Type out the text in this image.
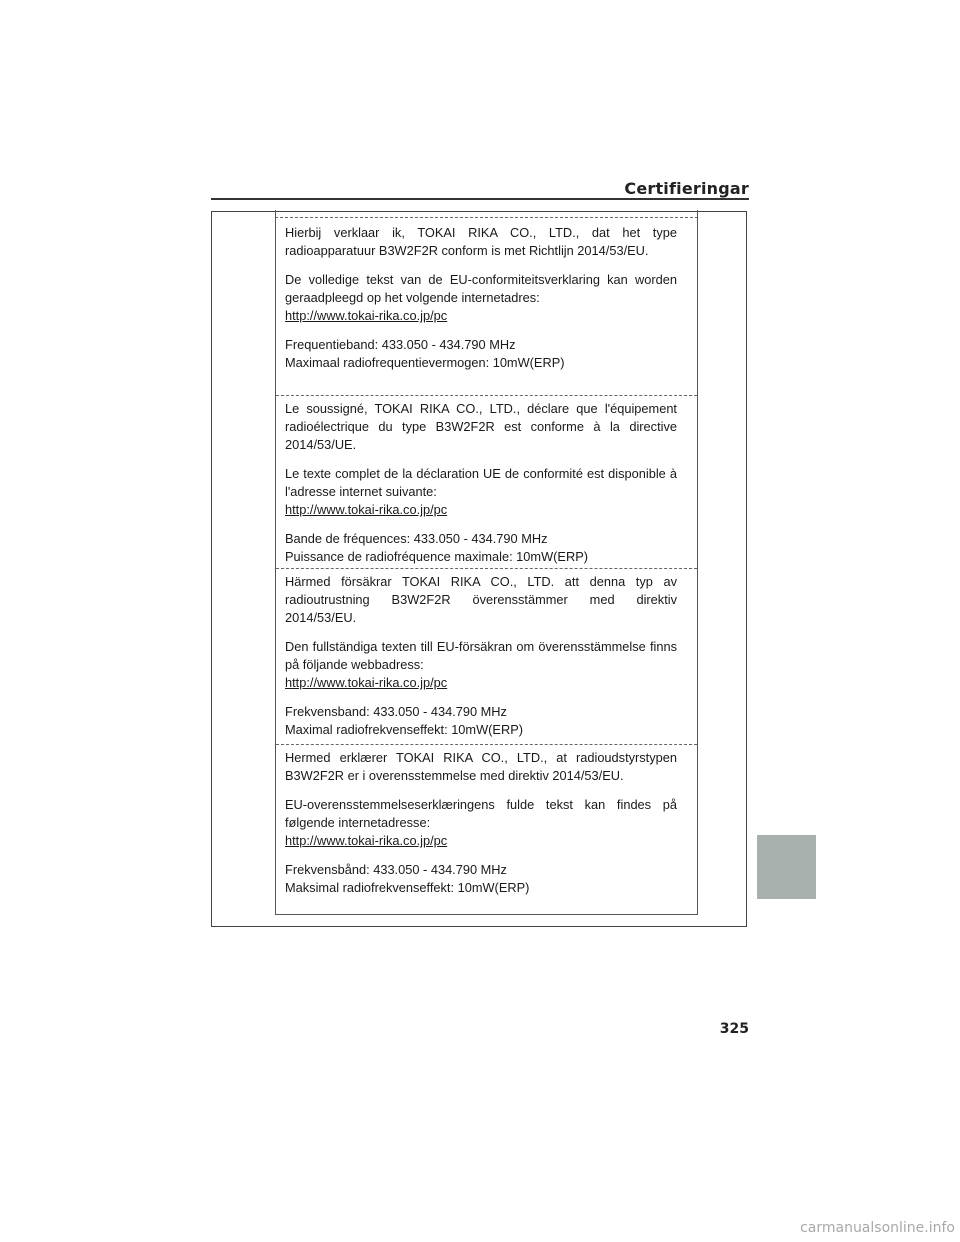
Certifieringar

Hierbij verklaar ik, TOKAI RIKA CO., LTD., dat het type radioapparatuur B3W2F2R conform is met Richtlijn 2014/53/EU.

De volledige tekst van de EU-conformiteitsverklaring kan worden geraadpleegd op het volgende internetadres:

http://www.tokai-rika.co.jp/pc

Frequentieband: 433.050 - 434.790 MHz

Maximaal radiofrequentievermogen: 10mW(ERP)

Le soussigné, TOKAI RIKA CO., LTD., déclare que l'équipement radioélectrique du type B3W2F2R est conforme à la directive 2014/53/UE.

Le texte complet de la déclaration UE de conformité est disponible à l'adresse internet suivante:

http://www.tokai-rika.co.jp/pc

Bande de fréquences: 433.050 - 434.790 MHz

Puissance de radiofréquence maximale: 10mW(ERP)

Härmed försäkrar TOKAI RIKA CO., LTD. att denna typ av radioutrustning B3W2F2R överensstämmer med direktiv 2014/53/EU.

Den fullständiga texten till EU-försäkran om överensstämmelse finns på följande webbadress:

http://www.tokai-rika.co.jp/pc

Frekvensband: 433.050 - 434.790 MHz

Maximal radiofrekvenseffekt: 10mW(ERP)

Hermed erklærer TOKAI RIKA CO., LTD., at radioudstyrstypen B3W2F2R er i overensstemmelse med direktiv 2014/53/EU.

EU-overensstemmelseserklæringens fulde tekst kan findes på følgende internetadresse:

http://www.tokai-rika.co.jp/pc

Frekvensbånd: 433.050 - 434.790 MHz

Maksimal radiofrekvenseffekt: 10mW(ERP)

325
carmanualsonline.info
